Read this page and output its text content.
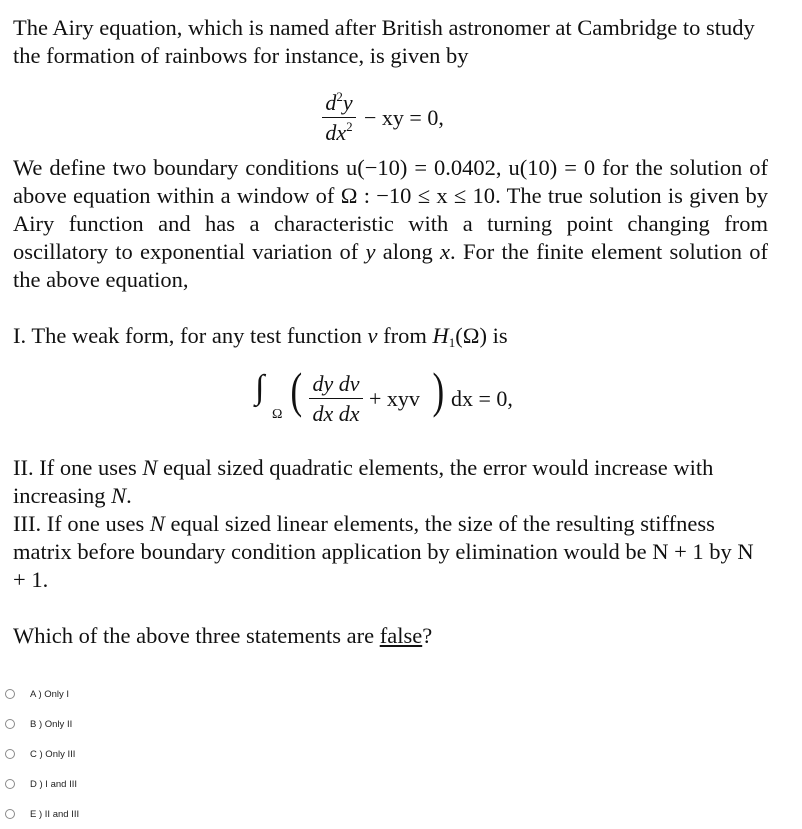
The Airy equation, which is named after British astronomer at Cambridge to study the formation of rainbows for instance, is given by
$d^2y$
$dx^2$ − xy = 0,
We define two boundary conditions u(−10) = 0.0402, u(10) = 0 for the solution of above equation within a window of Ω : −10 ≤ x ≤ 10. The true solution is given by Airy function and has a characteristic with a turning point changing from oscillatory to exponential variation of y along x. For the finite element solution of the above equation,
I. The weak form, for any test function v from $H_1(\Omega)$ is
∫
Ω ( dy dv
dx dx
+ xyv ) dx = 0,
II. If one uses N equal sized quadratic elements, the error would increase with increasing N.
III. If one uses N equal sized linear elements, the size of the resulting stiffness matrix before boundary condition application by elimination would be N + 1 by N + 1.
Which of the above three statements are false?
A ) Only I
B ) Only II
C ) Only III
D ) I and III
E ) II and III
